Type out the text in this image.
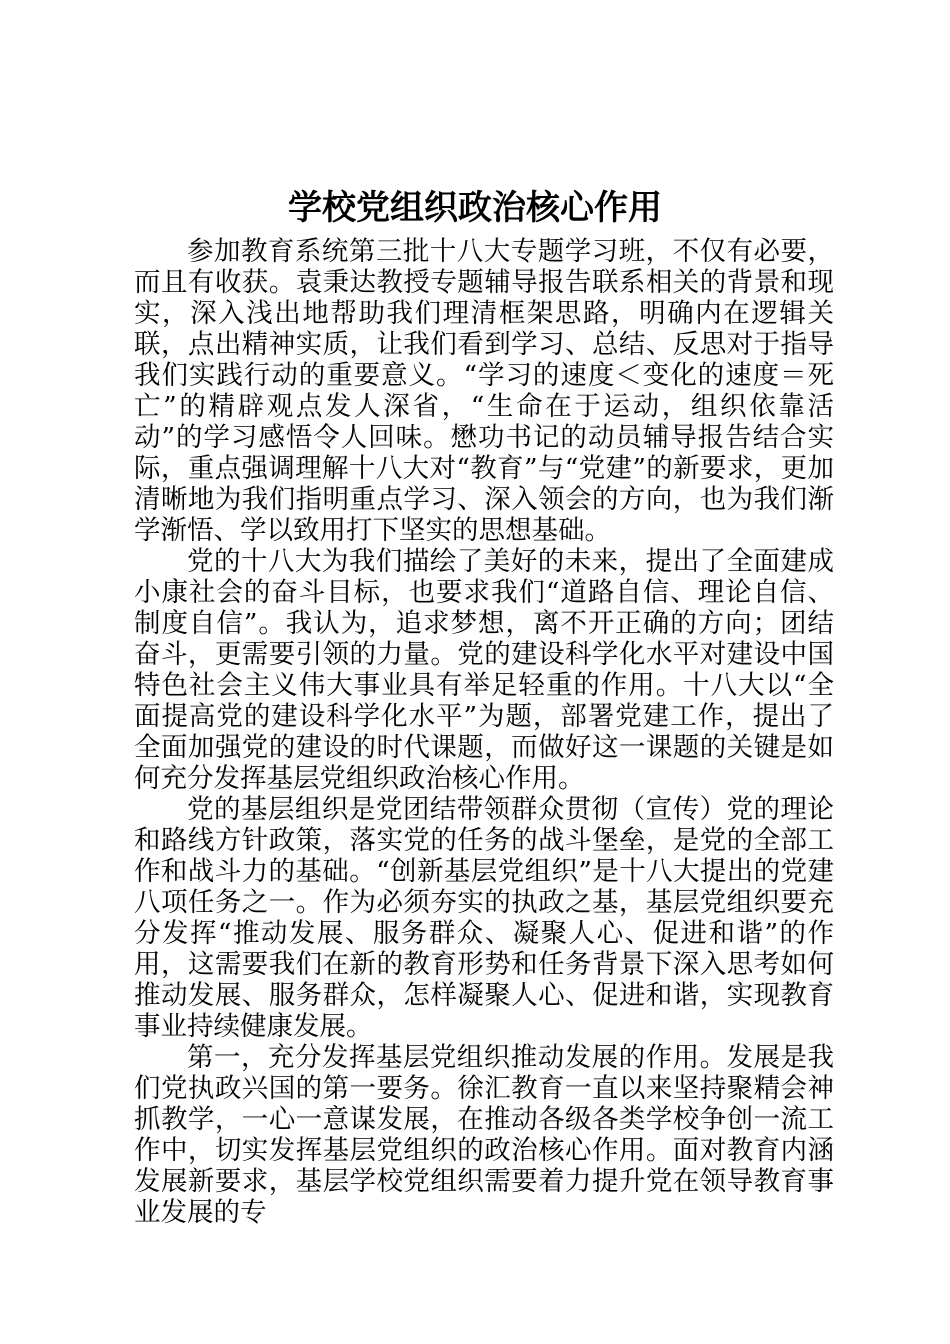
学校党组织政治核心作用

参加教育系统第三批十八大专题学习班，不仅有必要，而且有收获。袁秉达教授专题辅导报告联系相关的背景和现实，深入浅出地帮助我们理清框架思路，明确内在逻辑关联，点出精神实质，让我们看到学习、总结、反思对于指导我们实践行动的重要意义。“学习的速度＜变化的速度＝死亡”的精辟观点发人深省，“生命在于运动，组织依靠活动”的学习感悟令人回味。懋功书记的动员辅导报告结合实际，重点强调理解十八大对“教育”与“党建”的新要求，更加清晰地为我们指明重点学习、深入领会的方向，也为我们渐学渐悟、学以致用打下坚实的思想基础。

党的十八大为我们描绘了美好的未来，提出了全面建成小康社会的奋斗目标，也要求我们“道路自信、理论自信、制度自信”。我认为，追求梦想，离不开正确的方向；团结奋斗，更需要引领的力量。党的建设科学化水平对建设中国特色社会主义伟大事业具有举足轻重的作用。十八大以“全面提高党的建设科学化水平”为题，部署党建工作，提出了全面加强党的建设的时代课题，而做好这一课题的关键是如何充分发挥基层党组织政治核心作用。

党的基层组织是党团结带领群众贯彻（宣传）党的理论和路线方针政策，落实党的任务的战斗堡垒，是党的全部工作和战斗力的基础。“创新基层党组织”是十八大提出的党建八项任务之一。作为必须夯实的执政之基，基层党组织要充分发挥“推动发展、服务群众、凝聚人心、促进和谐”的作用，这需要我们在新的教育形势和任务背景下深入思考如何推动发展、服务群众，怎样凝聚人心、促进和谐，实现教育事业持续健康发展。

第一，充分发挥基层党组织推动发展的作用。发展是我们党执政兴国的第一要务。徐汇教育一直以来坚持聚精会神抓教学，一心一意谋发展，在推动各级各类学校争创一流工作中，切实发挥基层党组织的政治核心作用。面对教育内涵发展新要求，基层学校党组织需要着力提升党在领导教育事业发展的专
